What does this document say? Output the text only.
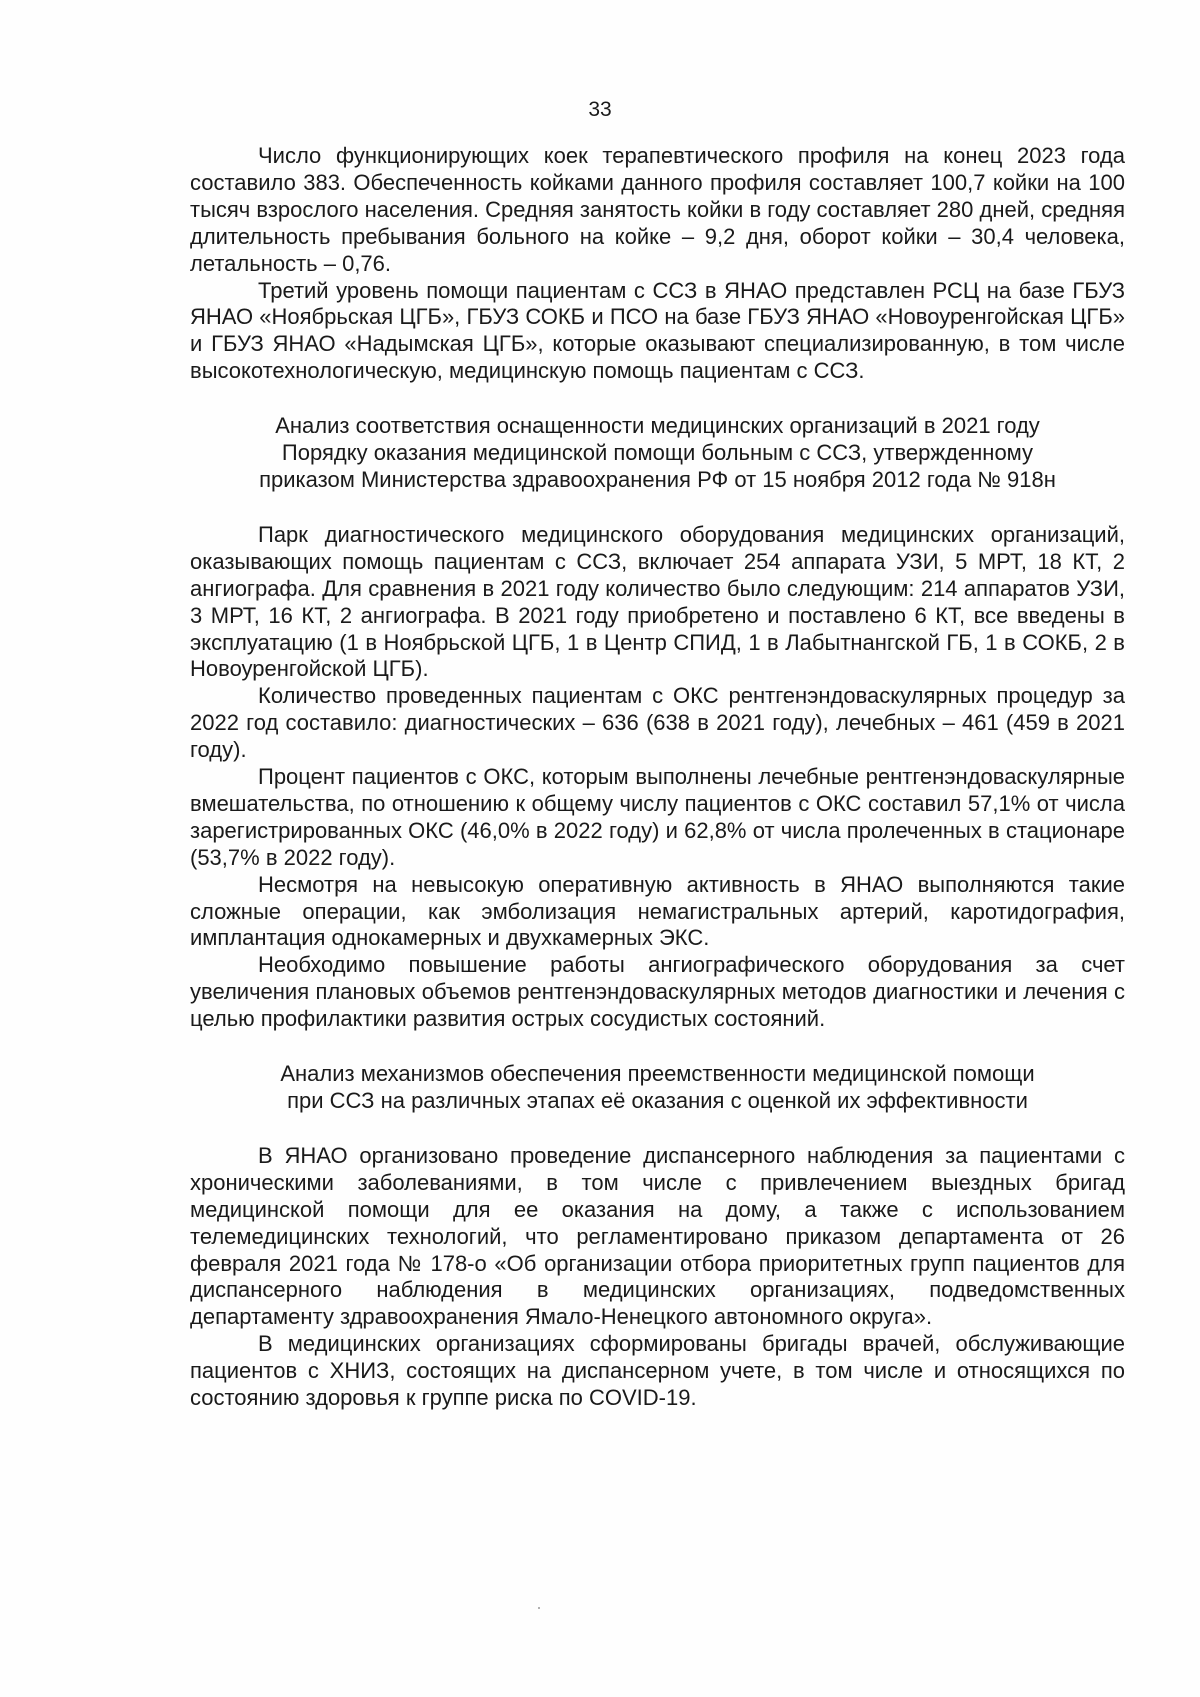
33

Число функционирующих коек терапевтического профиля на конец 2023 года составило 383. Обеспеченность койками данного профиля составляет 100,7 койки на 100 тысяч взрослого населения. Средняя занятость койки в году составляет 280 дней, средняя длительность пребывания больного на койке – 9,2 дня, оборот койки – 30,4 человека, летальность – 0,76.

Третий уровень помощи пациентам с ССЗ в ЯНАО представлен РСЦ на базе ГБУЗ ЯНАО «Ноябрьская ЦГБ», ГБУЗ СОКБ и ПСО на базе ГБУЗ ЯНАО «Новоуренгойская ЦГБ» и ГБУЗ ЯНАО «Надымская ЦГБ», которые оказывают специализированную, в том числе высокотехнологическую, медицинскую помощь пациентам с ССЗ.

Анализ соответствия оснащенности медицинских организаций в 2021 году
Порядку оказания медицинской помощи больным с ССЗ, утвержденному
приказом Министерства здравоохранения РФ от 15 ноября 2012 года № 918н

Парк диагностического медицинского оборудования медицинских организаций, оказывающих помощь пациентам с ССЗ, включает 254 аппарата УЗИ, 5 МРТ, 18 КТ, 2 ангиографа. Для сравнения в 2021 году количество было следующим: 214 аппаратов УЗИ, 3 МРТ, 16 КТ, 2 ангиографа. В 2021 году приобретено и поставлено 6 КТ, все введены в эксплуатацию (1 в Ноябрьской ЦГБ, 1 в Центр СПИД, 1 в Лабытнангской ГБ, 1 в СОКБ, 2 в Новоуренгойской ЦГБ).

Количество проведенных пациентам с ОКС рентгенэндоваскулярных процедур за 2022 год составило: диагностических – 636 (638 в 2021 году), лечебных – 461 (459 в 2021 году).

Процент пациентов с ОКС, которым выполнены лечебные рентгенэндоваскулярные вмешательства, по отношению к общему числу пациентов с ОКС составил 57,1% от числа зарегистрированных ОКС (46,0% в 2022 году) и 62,8% от числа пролеченных в стационаре (53,7% в 2022 году).

Несмотря на невысокую оперативную активность в ЯНАО выполняются такие сложные операции, как эмболизация немагистральных артерий, каротидография, имплантация однокамерных и двухкамерных ЭКС.

Необходимо повышение работы ангиографического оборудования за счет увеличения плановых объемов рентгенэндоваскулярных методов диагностики и лечения с целью профилактики развития острых сосудистых состояний.

Анализ механизмов обеспечения преемственности медицинской помощи
при ССЗ на различных этапах её оказания с оценкой их эффективности

В ЯНАО организовано проведение диспансерного наблюдения за пациентами с хроническими заболеваниями, в том числе с привлечением выездных бригад медицинской помощи для ее оказания на дому, а также с использованием телемедицинских технологий, что регламентировано приказом департамента от 26 февраля 2021 года № 178-о «Об организации отбора приоритетных групп пациентов для диспансерного наблюдения в медицинских организациях, подведомственных департаменту здравоохранения Ямало-Ненецкого автономного округа».

В медицинских организациях сформированы бригады врачей, обслуживающие пациентов с ХНИЗ, состоящих на диспансерном учете, в том числе и относящихся по состоянию здоровья к группе риска по COVID-19.
